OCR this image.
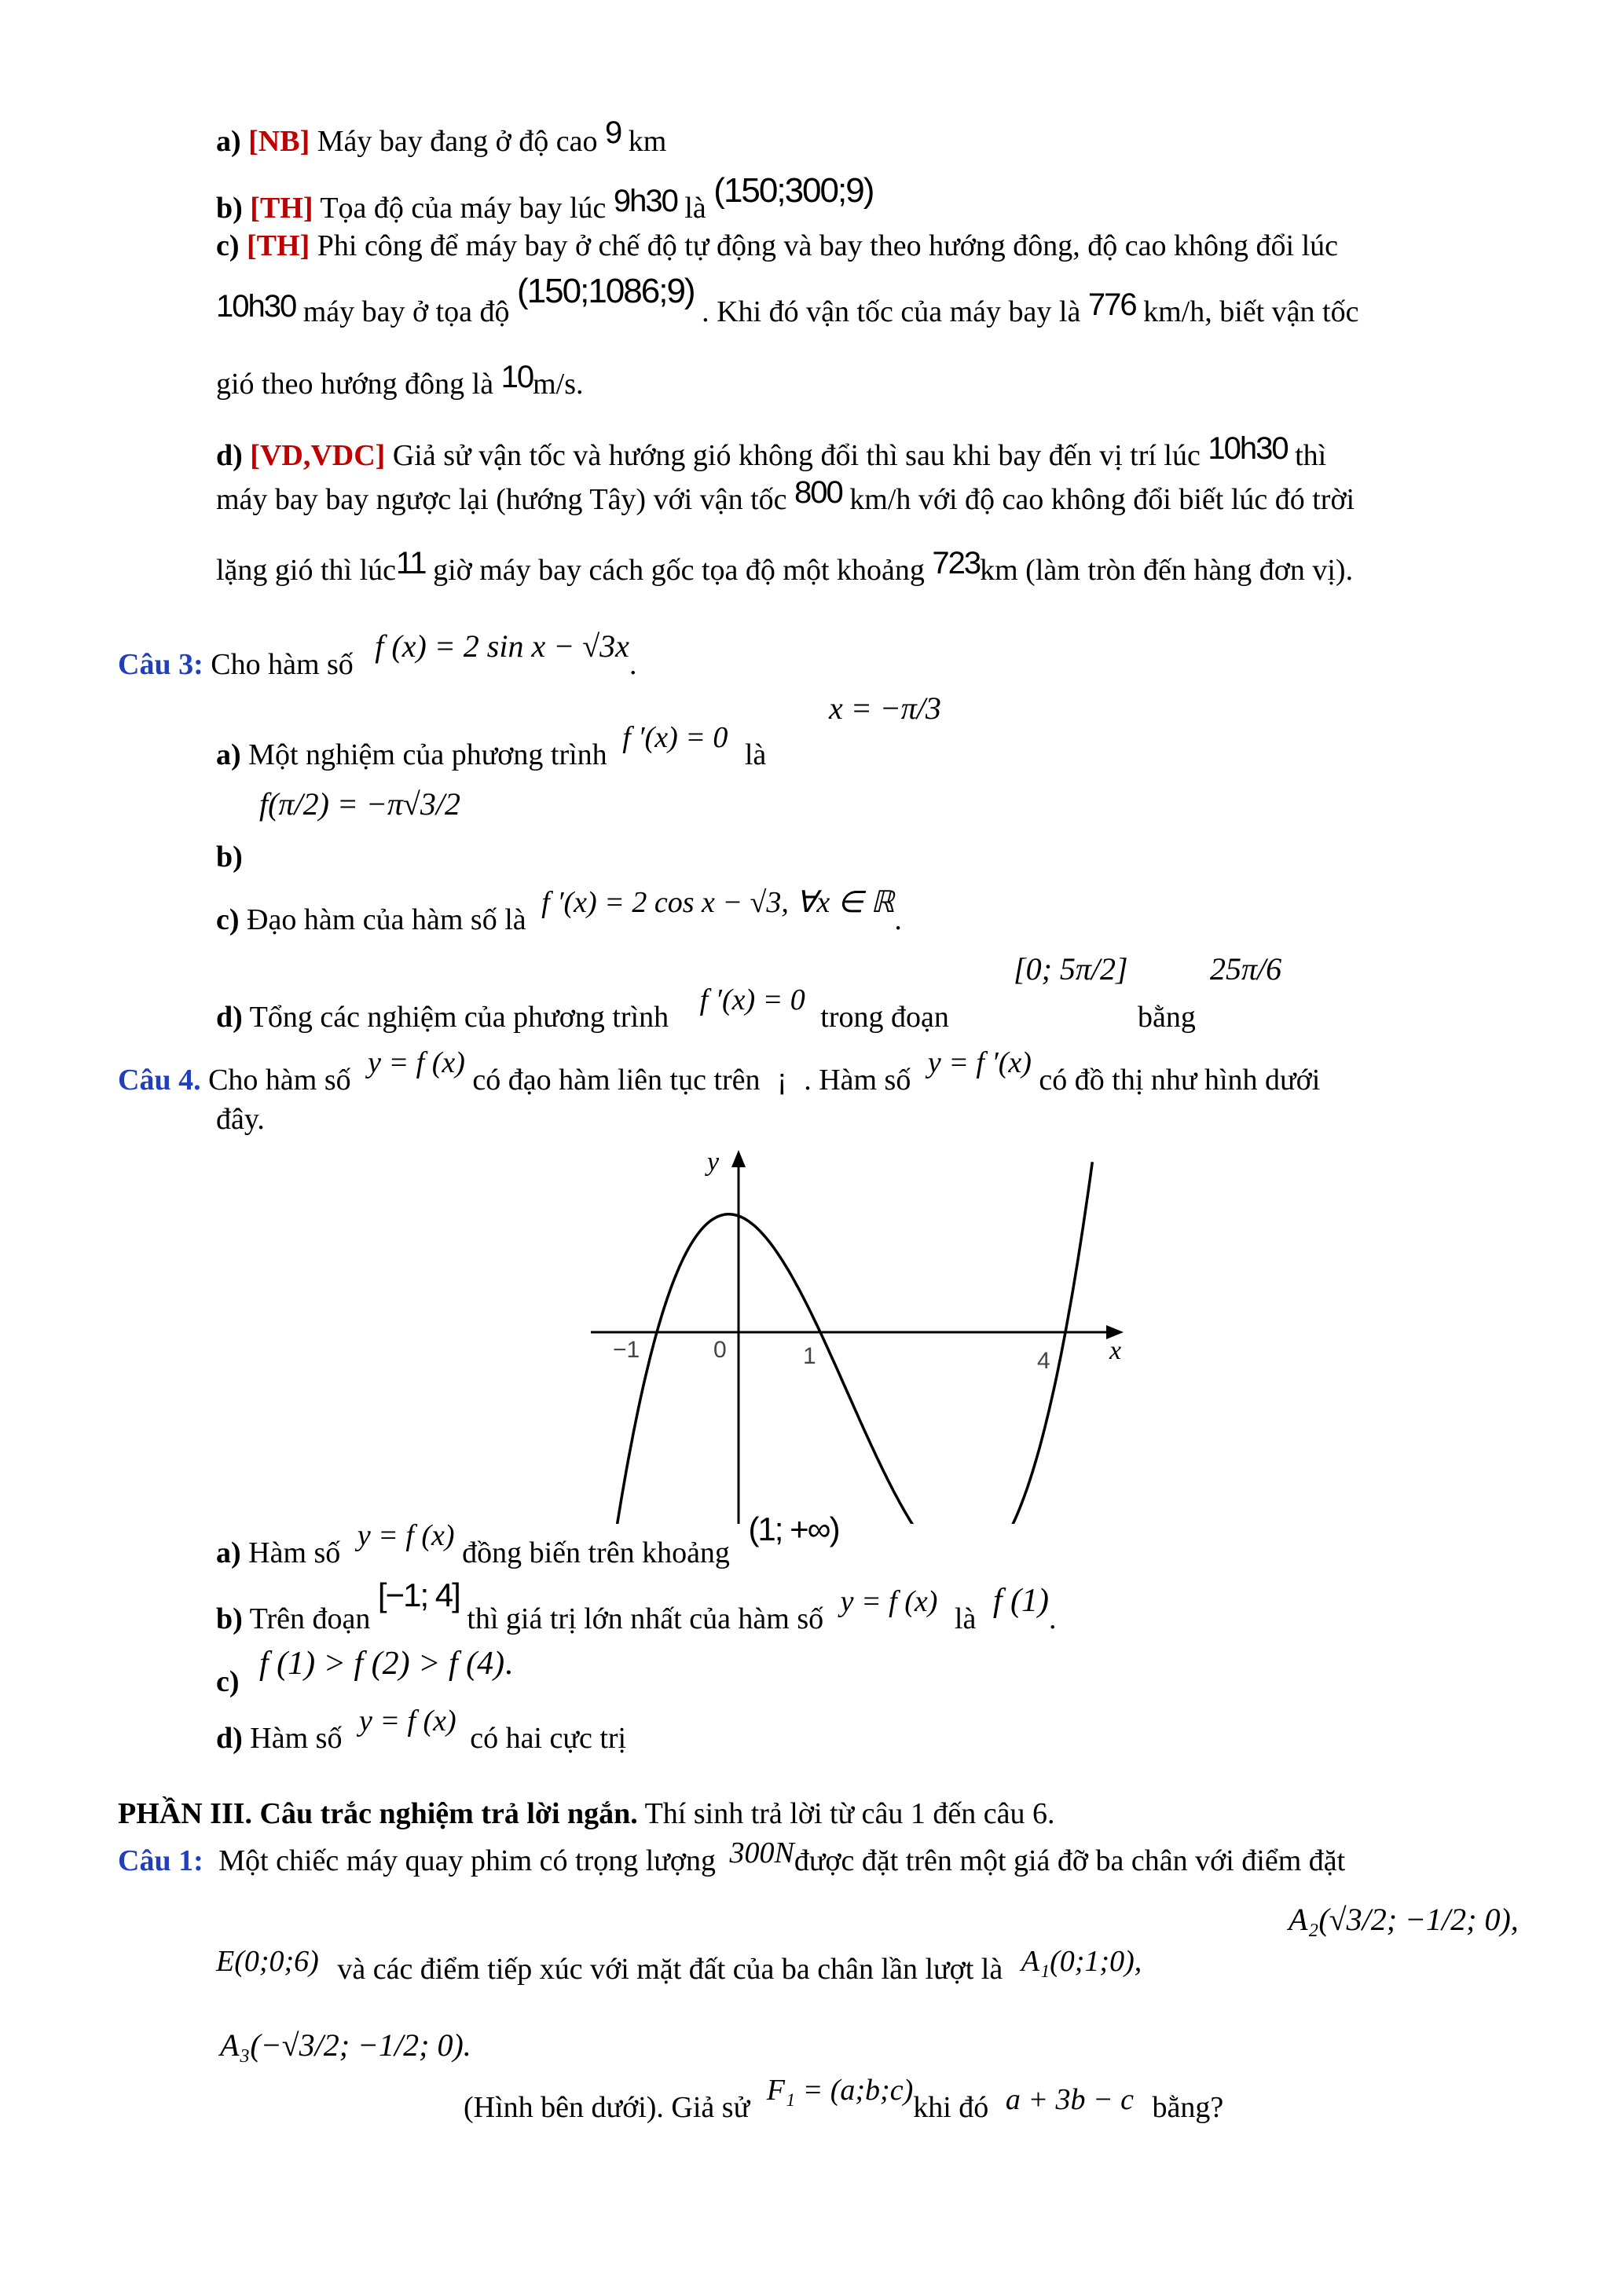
a) [NB] Máy bay đang ở độ cao 9 km
b) [TH] Tọa độ của máy bay lúc 9h30 là (150;300;9)
c) [TH] Phi công để máy bay ở chế độ tự động và bay theo hướng đông, độ cao không đổi lúc
10h30 máy bay ở tọa độ (150;1086;9) . Khi đó vận tốc của máy bay là 776 km/h, biết vận tốc
gió theo hướng đông là 10m/s.
d) [VD,VDC] Giả sử vận tốc và hướng gió không đổi thì sau khi bay đến vị trí lúc 10h30 thì
máy bay bay ngược lại (hướng Tây) với vận tốc 800 km/h với độ cao không đổi biết lúc đó trời
lặng gió thì lúc11 giờ máy bay cách gốc tọa độ một khoảng 723km (làm tròn đến hàng đơn vị).
Câu 3: Cho hàm số f (x) = 2 sin x − √3x.
a) Một nghiệm của phương trình f ′(x) = 0 là
x = −π/3
f(π/2) = −π√3/2
b)
c) Đạo hàm của hàm số là f ′(x) = 2 cos x − √3, ∀x ∈ ℝ.
d) Tổng các nghiệm của phương trình f ′(x) = 0 trong đoạn
[0; 5π/2]
bằng
25π/6
Câu 4. Cho hàm số y = f (x) có đạo hàm liên tục trên ¡ . Hàm số y = f ′(x) có đồ thị như hình dưới
đây.
y
x
−1	0	1	4
a) Hàm số y = f (x) đồng biến trên khoảng (1; +∞)
b) Trên đoạn [−1; 4] thì giá trị lớn nhất của hàm số y = f (x) là f (1).
f (1) > f (2) > f (4).
c)
d) Hàm số y = f (x) có hai cực trị
PHẦN III. Câu trắc nghiệm trả lời ngắn. Thí sinh trả lời từ câu 1 đến câu 6.
Câu 1: Một chiếc máy quay phim có trọng lượng 300Nđược đặt trên một giá đỡ ba chân với điểm đặt
E(0;0;6) và các điểm tiếp xúc với mặt đất của ba chân lần lượt là A₁(0;1;0),
A₂(√3/2; −1/2; 0),
A₃(−√3/2; −1/2; 0).
(Hình bên dưới). Giả sử F₁ = (a;b;c)khi đó a + 3b − c bằng?
